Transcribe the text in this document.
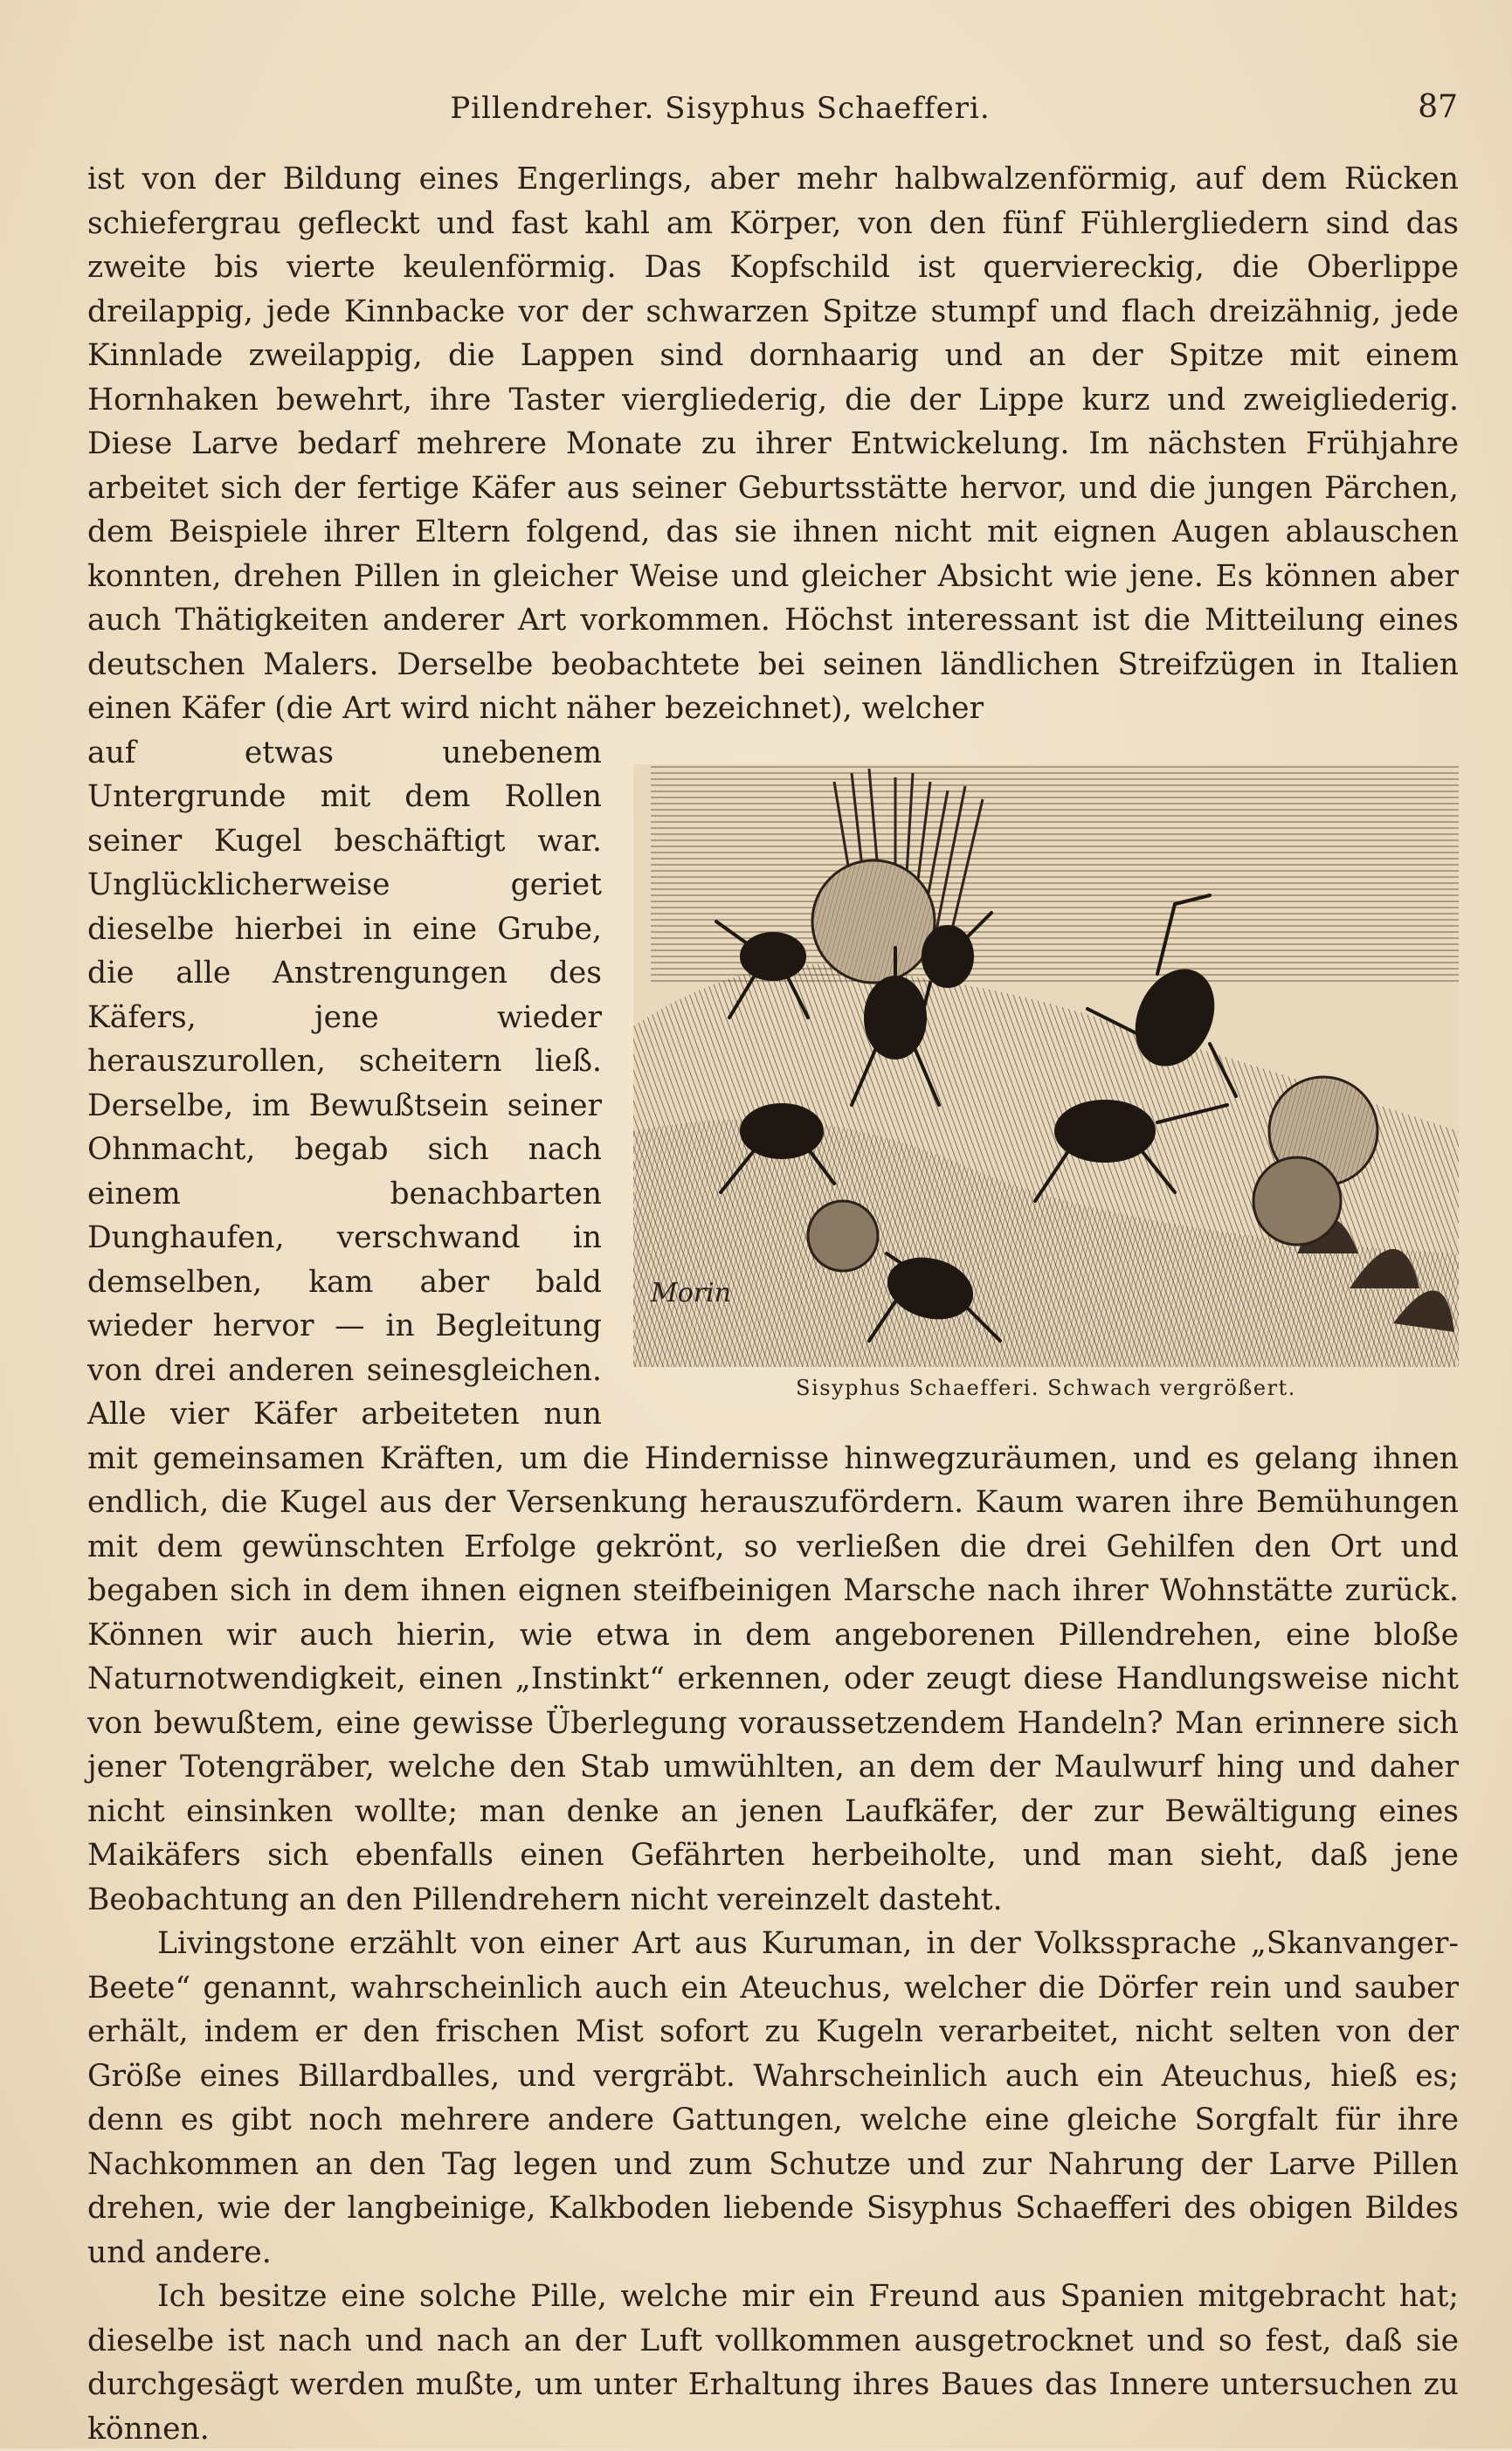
Pillendreher. Sisyphus Schaefferi.	87

ist von der Bildung eines Engerlings, aber mehr halbwalzenförmig, auf dem Rücken schiefergrau gefleckt und fast kahl am Körper, von den fünf Fühlergliedern sind das zweite bis vierte keulenförmig. Das Kopfschild ist querviereckig, die Oberlippe dreilappig, jede Kinnbacke vor der schwarzen Spitze stumpf und flach dreizähnig, jede Kinnlade zweilappig, die Lappen sind dornhaarig und an der Spitze mit einem Hornhaken bewehrt, ihre Taster viergliederig, die der Lippe kurz und zweigliederig. Diese Larve bedarf mehrere Monate zu ihrer Entwickelung. Im nächsten Frühjahre arbeitet sich der fertige Käfer aus seiner Geburtsstätte hervor, und die jungen Pärchen, dem Beispiele ihrer Eltern folgend, das sie ihnen nicht mit eignen Augen ablauschen konnten, drehen Pillen in gleicher Weise und gleicher Absicht wie jene. Es können aber auch Thätigkeiten anderer Art vorkommen. Höchst interessant ist die Mitteilung eines deutschen Malers. Derselbe beobachtete bei seinen ländlichen Streifzügen in Italien einen Käfer (die Art wird nicht näher bezeichnet), welcher

Morin
Sisyphus Schaefferi. Schwach vergrößert.

auf etwas unebenem Untergrunde mit dem Rollen seiner Kugel beschäftigt war. Unglücklicherweise geriet dieselbe hierbei in eine Grube, die alle Anstrengungen des Käfers, jene wieder herauszurollen, scheitern ließ. Derselbe, im Bewußtsein seiner Ohnmacht, begab sich nach einem benachbarten Dunghaufen, verschwand in demselben, kam aber bald wieder hervor — in Begleitung von drei anderen seinesgleichen. Alle vier Käfer arbeiteten nun mit gemeinsamen Kräften, um die Hindernisse hinwegzuräumen, und es gelang ihnen endlich, die Kugel aus der Versenkung herauszufördern. Kaum waren ihre Bemühungen mit dem gewünschten Erfolge gekrönt, so verließen die drei Gehilfen den Ort und begaben sich in dem ihnen eignen steifbeinigen Marsche nach ihrer Wohnstätte zurück. Können wir auch hierin, wie etwa in dem angeborenen Pillendrehen, eine bloße Naturnotwendigkeit, einen „Instinkt“ erkennen, oder zeugt diese Handlungsweise nicht von bewußtem, eine gewisse Überlegung voraussetzendem Handeln? Man erinnere sich jener Totengräber, welche den Stab umwühlten, an dem der Maulwurf hing und daher nicht einsinken wollte; man denke an jenen Laufkäfer, der zur Bewältigung eines Maikäfers sich ebenfalls einen Gefährten herbeiholte, und man sieht, daß jene Beobachtung an den Pillendrehern nicht vereinzelt dasteht.

Livingstone erzählt von einer Art aus Kuruman, in der Volkssprache „Skanvanger-Beete“ genannt, wahrscheinlich auch ein Ateuchus, welcher die Dörfer rein und sauber erhält, indem er den frischen Mist sofort zu Kugeln verarbeitet, nicht selten von der Größe eines Billardballes, und vergräbt. Wahrscheinlich auch ein Ateuchus, hieß es; denn es gibt noch mehrere andere Gattungen, welche eine gleiche Sorgfalt für ihre Nachkommen an den Tag legen und zum Schutze und zur Nahrung der Larve Pillen drehen, wie der langbeinige, Kalkboden liebende Sisyphus Schaefferi des obigen Bildes und andere.

Ich besitze eine solche Pille, welche mir ein Freund aus Spanien mitgebracht hat; dieselbe ist nach und nach an der Luft vollkommen ausgetrocknet und so fest, daß sie durchgesägt werden mußte, um unter Erhaltung ihres Baues das Innere untersuchen zu können.
